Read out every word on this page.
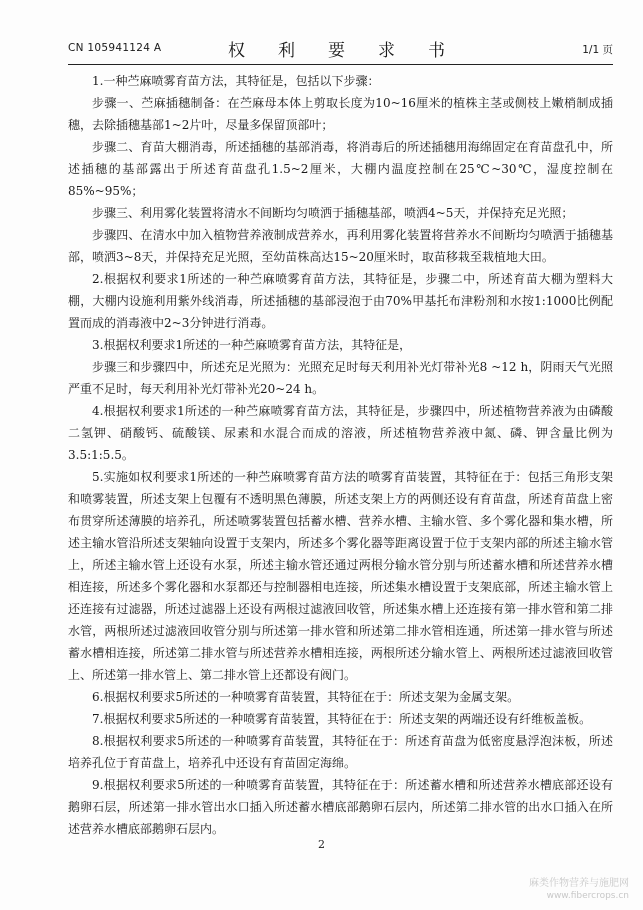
CN 105941124 A	权　利　要　求　书	1/1 页

1.一种苎麻喷雾育苗方法，其特征是，包括以下步骤：

步骤一、苎麻插穗制备：在苎麻母本体上剪取长度为10~16厘米的植株主茎或侧枝上嫩梢制成插穗，去除插穗基部1~2片叶，尽量多保留顶部叶；

步骤二、育苗大棚消毒，所述插穗的基部消毒，将消毒后的所述插穗用海绵固定在育苗盘孔中，所述插穗的基部露出于所述育苗盘孔1.5~2厘米，大棚内温度控制在25℃~30℃，湿度控制在85%~95%；

步骤三、利用雾化装置将清水不间断均匀喷洒于插穗基部，喷洒4~5天，并保持充足光照；

步骤四、在清水中加入植物营养液制成营养水，再利用雾化装置将营养水不间断均匀喷洒于插穗基部，喷洒3~8天，并保持充足光照，至幼苗株高达15~20厘米时，取苗移栽至栽植地大田。

2.根据权利要求1所述的一种苎麻喷雾育苗方法，其特征是，步骤二中，所述育苗大棚为塑料大棚，大棚内设施利用紫外线消毒，所述插穗的基部浸泡于由70%甲基托布津粉剂和水按1:1000比例配置而成的消毒液中2~3分钟进行消毒。

3.根据权利要求1所述的一种苎麻喷雾育苗方法，其特征是，

步骤三和步骤四中，所述充足光照为：光照充足时每天利用补光灯带补光8 ~12 h，阴雨天气光照严重不足时，每天利用补光灯带补光20~24 h。

4.根据权利要求1所述的一种苎麻喷雾育苗方法，其特征是，步骤四中，所述植物营养液为由磷酸二氢钾、硝酸钙、硫酸镁、尿素和水混合而成的溶液，所述植物营养液中氮、磷、钾含量比例为3.5:1:5.5。

5.实施如权利要求1所述的一种苎麻喷雾育苗方法的喷雾育苗装置，其特征在于：包括三角形支架和喷雾装置，所述支架上包覆有不透明黑色薄膜，所述支架上方的两侧还设有育苗盘，所述育苗盘上密布贯穿所述薄膜的培养孔，所述喷雾装置包括蓄水槽、营养水槽、主输水管、多个雾化器和集水槽，所述主输水管沿所述支架轴向设置于支架内，所述多个雾化器等距离设置于位于支架内部的所述主输水管上，所述主输水管上还设有水泵，所述主输水管还通过两根分输水管分别与所述蓄水槽和所述营养水槽相连接，所述多个雾化器和水泵都还与控制器相电连接，所述集水槽设置于支架底部，所述主输水管上还连接有过滤器，所述过滤器上还设有两根过滤液回收管，所述集水槽上还连接有第一排水管和第二排水管，两根所述过滤液回收管分别与所述第一排水管和所述第二排水管相连通，所述第一排水管与所述蓄水槽相连接，所述第二排水管与所述营养水槽相连接，两根所述分输水管上、两根所述过滤液回收管上、所述第一排水管上、第二排水管上还都设有阀门。

6.根据权利要求5所述的一种喷雾育苗装置，其特征在于：所述支架为金属支架。

7.根据权利要求5所述的一种喷雾育苗装置，其特征在于：所述支架的两端还设有纤维板盖板。

8.根据权利要求5所述的一种喷雾育苗装置，其特征在于：所述育苗盘为低密度悬浮泡沫板，所述培养孔位于育苗盘上，培养孔中还设有育苗固定海绵。

9.根据权利要求5所述的一种喷雾育苗装置，其特征在于：所述蓄水槽和所述营养水槽底部还设有鹅卵石层，所述第一排水管出水口插入所述蓄水槽底部鹅卵石层内，所述第二排水管的出水口插入在所述营养水槽底部鹅卵石层内。

2
麻类作物营养与施肥网
www.fibercrops.cn
